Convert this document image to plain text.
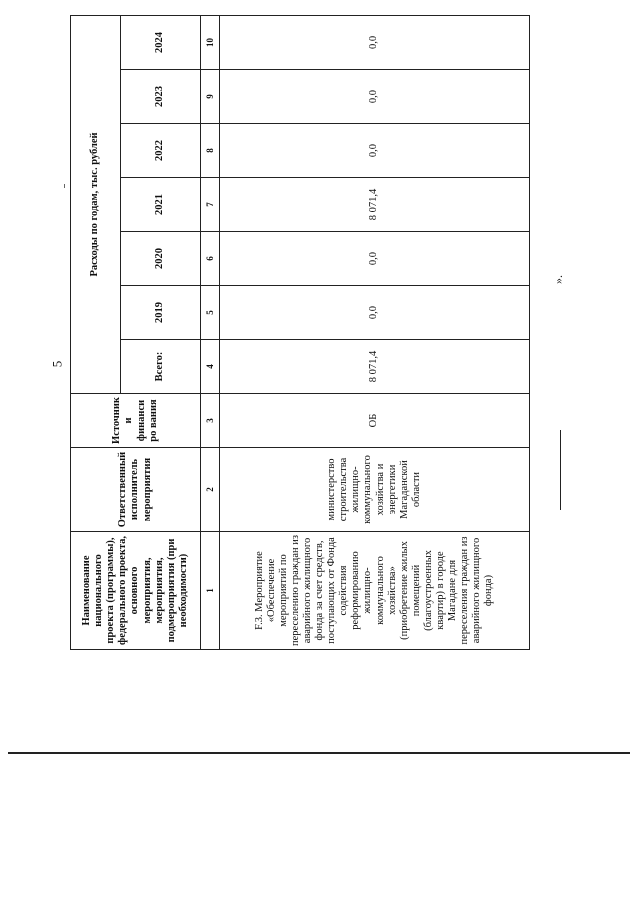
5
Наименование национального проекта (программы), федерального проекта, основного мероприятия, мероприятия, подмероприятия (при необходимости)	Ответственный исполнитель мероприятия	Источники финансиро вания	Расходы по годам, тыс. рублей						
			Всего:	2019	2020	2021	2022	2023	2024
1	2	3	4	5	6	7	8	9	10
F.3. Мероприятие «Обеспечение мероприятий по переселению граждан из аварийного жилищного фонда за счет средств, поступающих от Фонда содействия реформированию жилищно-коммунального хозяйства» (приобретение жилых помещений (благоустроенных квартир) в городе Магадане для переселения граждан из аварийного жилищного фонда)	министерство строительства жилищно-коммунального хозяйства и энергетики Магаданской области	ОБ	8 071,4	0,0	0,0	8 071,4	0,0	0,0	0,0
».
